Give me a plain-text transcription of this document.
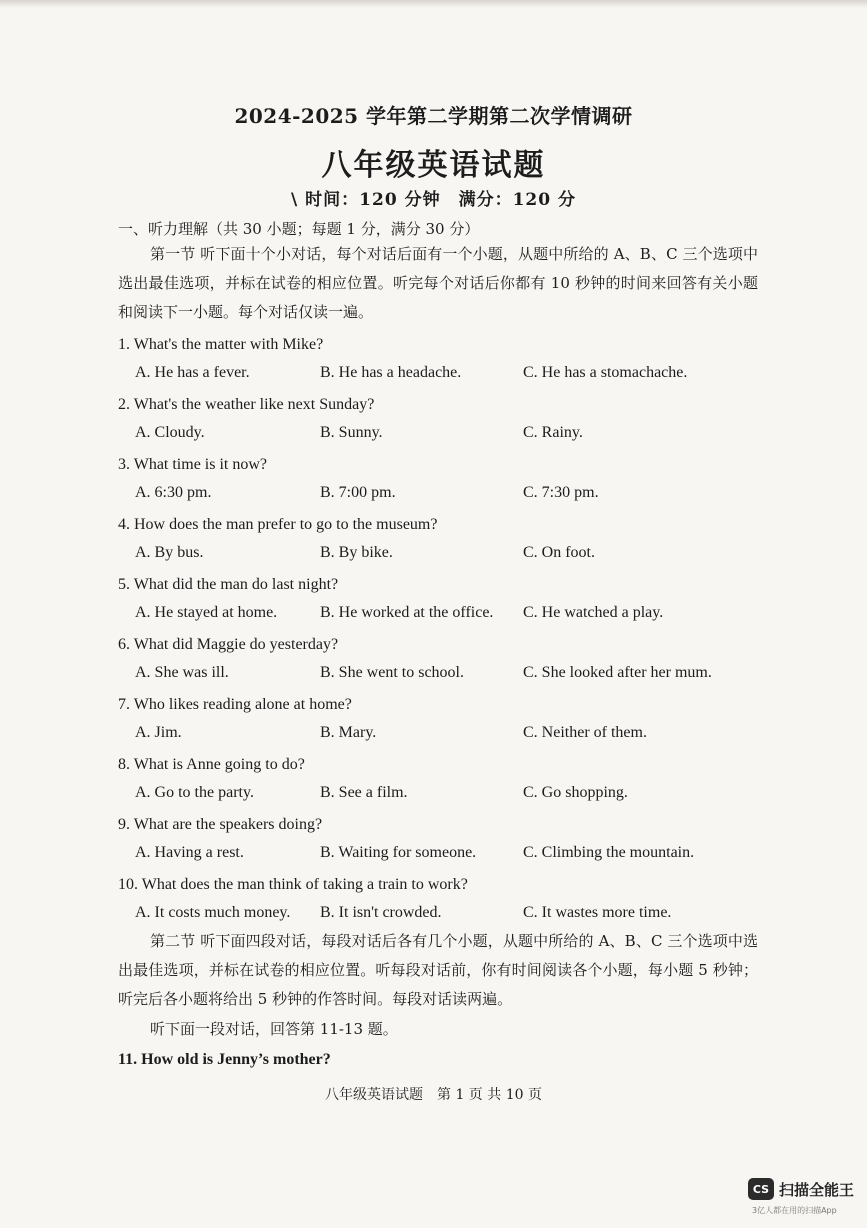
2024-2025 学年第二学期第二次学情调研
八年级英语试题
\ 时间：120 分钟　满分：120 分
一、听力理解（共 30 小题；每题 1 分，满分 30 分）
第一节 听下面十个小对话，每个对话后面有一个小题，从题中所给的 A、B、C 三个选项中选出最佳选项，并标在试卷的相应位置。听完每个对话后你都有 10 秒钟的时间来回答有关小题和阅读下一小题。每个对话仅读一遍。
1. What's the matter with Mike?
A. He has a fever.	B. He has a headache.	C. He has a stomachache.
2. What's the weather like next Sunday?
A. Cloudy.	B. Sunny.	C. Rainy.
3. What time is it now?
A. 6:30 pm.	B. 7:00 pm.	C. 7:30 pm.
4. How does the man prefer to go to the museum?
A. By bus.	B. By bike.	C. On foot.
5. What did the man do last night?
A. He stayed at home.	B. He worked at the office. C. He watched a play.
6. What did Maggie do yesterday?
A. She was ill.	B. She went to school.	C. She looked after her mum.
7. Who likes reading alone at home?
A. Jim.	B. Mary.	C. Neither of them.
8. What is Anne going to do?
A. Go to the party.	B. See a film.	C. Go shopping.
9. What are the speakers doing?
A. Having a rest.	B. Waiting for someone.	C. Climbing the mountain.
10. What does the man think of taking a train to work?
A. It costs much money. B. It isn't crowded.	C. It wastes more time.
第二节 听下面四段对话，每段对话后各有几个小题，从题中所给的 A、B、C 三个选项中选出最佳选项，并标在试卷的相应位置。听每段对话前，你有时间阅读各个小题，每小题 5 秒钟；听完后各小题将给出 5 秒钟的作答时间。每段对话读两遍。
听下面一段对话，回答第 11-13 题。
11. How old is Jenny’s mother?
八年级英语试题　第 1 页 共 10 页
CS 扫描全能王
3亿人都在用的扫描App
